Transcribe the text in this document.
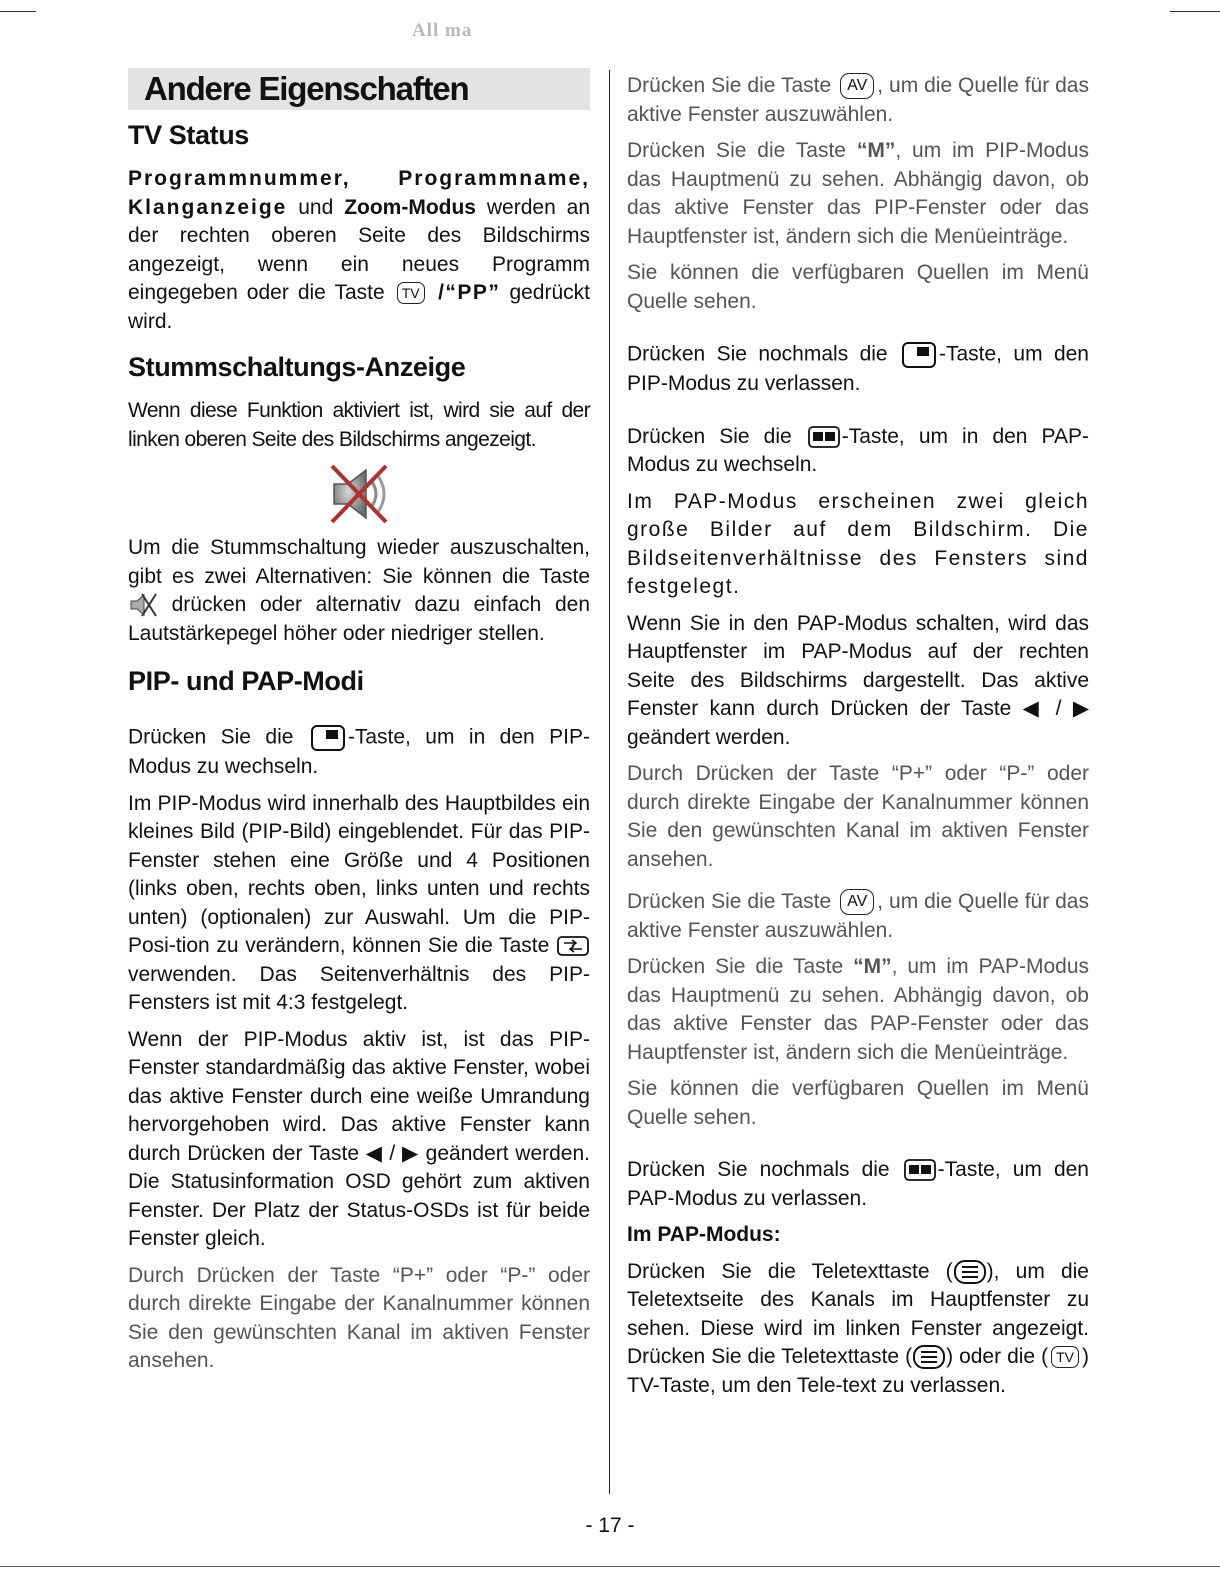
All ma
Andere Eigenschaften
TV Status

Programmnummer, Programmname, Klanganzeige und Zoom-Modus werden an der rechten oberen Seite des Bildschirms angezeigt, wenn ein neues Programm eingegeben oder die Taste TV /“PP” gedrückt wird.

Stummschaltungs-Anzeige

Wenn diese Funktion aktiviert ist, wird sie auf der linken oberen Seite des Bildschirms angezeigt.

Um die Stummschaltung wieder auszuschalten, gibt es zwei Alternativen: Sie können die Taste  drücken oder alternativ dazu einfach den Lautstärkepegel höher oder niedriger stellen.

PIP- und PAP-Modi

Drücken Sie die -Taste, um in den PIP-Modus zu wechseln.

Im PIP-Modus wird innerhalb des Hauptbildes ein kleines Bild (PIP-Bild) eingeblendet. Für das PIP-Fenster stehen eine Größe und 4 Positionen (links oben, rechts oben, links unten und rechts unten) (optionalen) zur Auswahl. Um die PIP-Posi-tion zu verändern, können Sie die Taste  verwenden. Das Seitenverhältnis des PIP-Fensters ist mit 4:3 festgelegt.

Wenn der PIP-Modus aktiv ist, ist das PIP-Fenster standardmäßig das aktive Fenster, wobei das aktive Fenster durch eine weiße Umrandung hervorgehoben wird. Das aktive Fenster kann durch Drücken der Taste ◀ / ▶ geändert werden. Die Statusinformation OSD gehört zum aktiven Fenster. Der Platz der Status-OSDs ist für beide Fenster gleich.

Durch Drücken der Taste “P+” oder “P-” oder durch direkte Eingabe der Kanalnummer können Sie den gewünschten Kanal im aktiven Fenster ansehen.

Drücken Sie die Taste AV , um die Quelle für das aktive Fenster auszuwählen.

Drücken Sie die Taste “M”, um im PIP-Modus das Hauptmenü zu sehen. Abhängig davon, ob das aktive Fenster das PIP-Fenster oder das Hauptfenster ist, ändern sich die Menüeinträge.

Sie können die verfügbaren Quellen im Menü Quelle sehen.

Drücken Sie nochmals die -Taste, um den PIP-Modus zu verlassen.

Drücken Sie die -Taste, um in den PAP-Modus zu wechseln.

Im PAP-Modus erscheinen zwei gleich große Bilder auf dem Bildschirm. Die Bildseitenverhältnisse des Fensters sind festgelegt.

Wenn Sie in den PAP-Modus schalten, wird das Hauptfenster im PAP-Modus auf der rechten Seite des Bildschirms dargestellt. Das aktive Fenster kann durch Drücken der Taste ◀ / ▶ geändert werden.

Durch Drücken der Taste “P+” oder “P-” oder durch direkte Eingabe der Kanalnummer können Sie den gewünschten Kanal im aktiven Fenster ansehen.

Drücken Sie die Taste AV , um die Quelle für das aktive Fenster auszuwählen.

Drücken Sie die Taste “M”, um im PAP-Modus das Hauptmenü zu sehen. Abhängig davon, ob das aktive Fenster das PAP-Fenster oder das Hauptfenster ist, ändern sich die Menüeinträge.

Sie können die verfügbaren Quellen im Menü Quelle sehen.

Drücken Sie nochmals die -Taste, um den PAP-Modus zu verlassen.

Im PAP-Modus:

Drücken Sie die Teletexttaste ( ), um die Teletextseite des Kanals im Hauptfenster zu sehen. Diese wird im linken Fenster angezeigt. Drücken Sie die Teletexttaste ( ) oder die ( TV ) TV-Taste, um den Tele-text zu verlassen.

- 17 -
